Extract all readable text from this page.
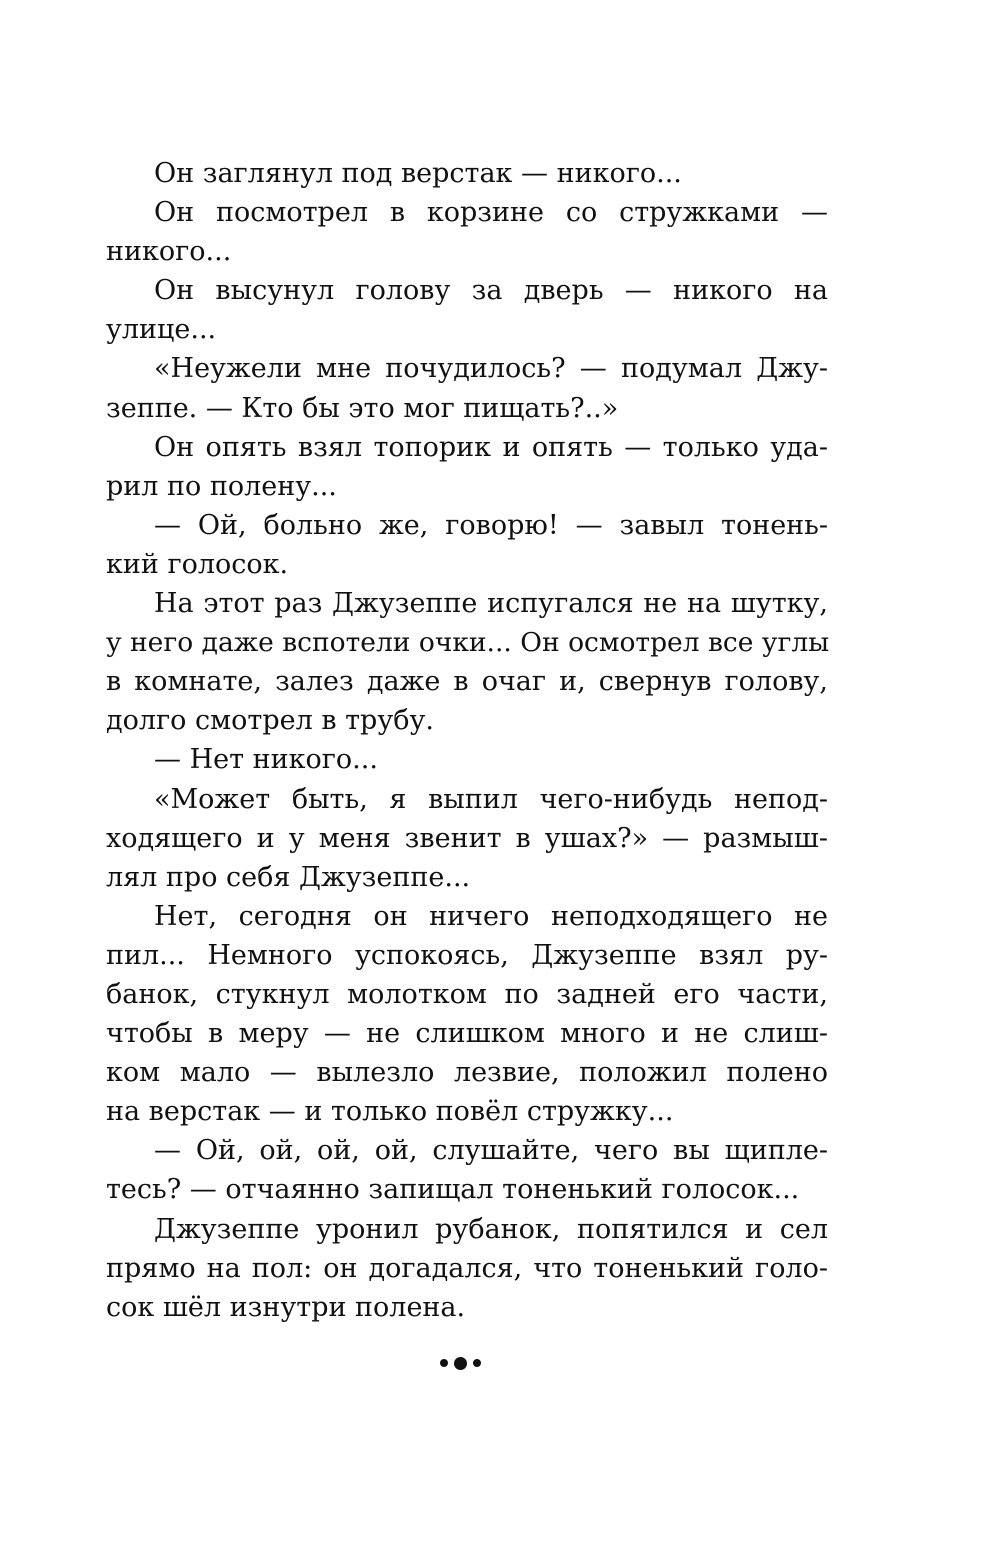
Он заглянул под верстак — никого...
Он посмотрел в корзине со стружками —
никого...
Он высунул голову за дверь — никого на
улице...
«Неужели мне почудилось? — подумал Джу-
зеппе. — Кто бы это мог пищать?..»
Он опять взял топорик и опять — только уда-
рил по полену...
— Ой, больно же, говорю! — завыл тонень-
кий голосок.
На этот раз Джузеппе испугался не на шутку,
у него даже вспотели очки... Он осмотрел все углы
в комнате, залез даже в очаг и, свернув голову,
долго смотрел в трубу.
— Нет никого...
«Может быть, я выпил чего-нибудь непод-
ходящего и у меня звенит в ушах?» — размыш-
лял про себя Джузеппе...
Нет, сегодня он ничего неподходящего не
пил... Немного успокоясь, Джузеппе взял ру-
банок, стукнул молотком по задней его части,
чтобы в меру — не слишком много и не слиш-
ком мало — вылезло лезвие, положил полено
на верстак — и только повёл стружку...
— Ой, ой, ой, ой, слушайте, чего вы щипле-
тесь? — отчаянно запищал тоненький голосок...
Джузеппе уронил рубанок, попятился и сел
прямо на пол: он догадался, что тоненький голо-
сок шёл изнутри полена.
